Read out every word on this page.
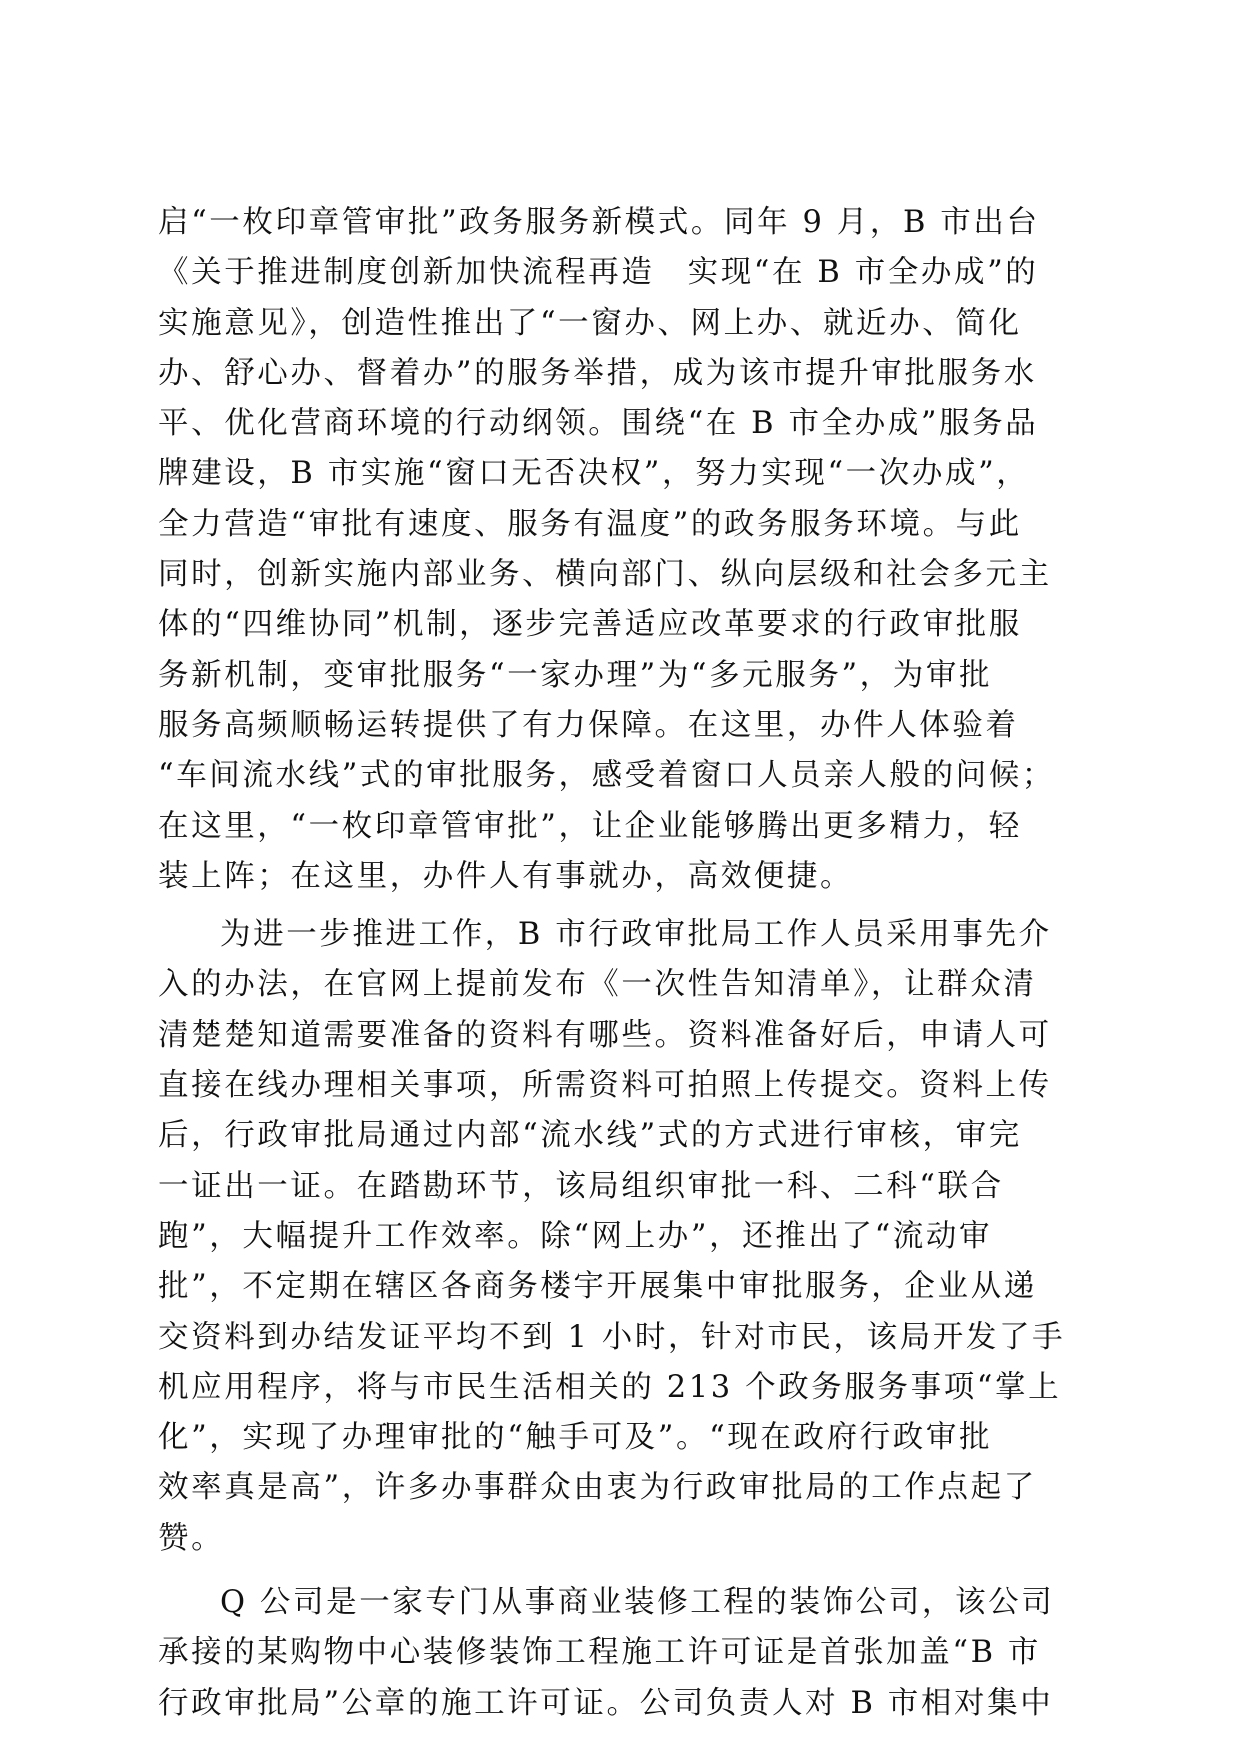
启“一枚印章管审批”政务服务新模式。同年 9 月，B 市出台
《关于推进制度创新加快流程再造　实现“在 B 市全办成”的
实施意见》，创造性推出了“一窗办、网上办、就近办、简化
办、舒心办、督着办”的服务举措，成为该市提升审批服务水
平、优化营商环境的行动纲领。围绕“在 B 市全办成”服务品
牌建设，B 市实施“窗口无否决权”，努力实现“一次办成”，
全力营造“审批有速度、服务有温度”的政务服务环境。与此
同时，创新实施内部业务、横向部门、纵向层级和社会多元主
体的“四维协同”机制，逐步完善适应改革要求的行政审批服
务新机制，变审批服务“一家办理”为“多元服务”，为审批
服务高频顺畅运转提供了有力保障。在这里，办件人体验着
“车间流水线”式的审批服务，感受着窗口人员亲人般的问候；
在这里，“一枚印章管审批”，让企业能够腾出更多精力，轻
装上阵；在这里，办件人有事就办，高效便捷。
为进一步推进工作，B 市行政审批局工作人员采用事先介
入的办法，在官网上提前发布《一次性告知清单》，让群众清
清楚楚知道需要准备的资料有哪些。资料准备好后，申请人可
直接在线办理相关事项，所需资料可拍照上传提交。资料上传
后，行政审批局通过内部“流水线”式的方式进行审核，审完
一证出一证。在踏勘环节，该局组织审批一科、二科“联合
跑”，大幅提升工作效率。除“网上办”，还推出了“流动审
批”，不定期在辖区各商务楼宇开展集中审批服务，企业从递
交资料到办结发证平均不到 1 小时，针对市民，该局开发了手
机应用程序，将与市民生活相关的 213 个政务服务事项“掌上
化”，实现了办理审批的“触手可及”。“现在政府行政审批
效率真是高”，许多办事群众由衷为行政审批局的工作点起了
赞。
Q 公司是一家专门从事商业装修工程的装饰公司，该公司
承接的某购物中心装修装饰工程施工许可证是首张加盖“B 市
行政审批局”公章的施工许可证。公司负责人对 B 市相对集中
